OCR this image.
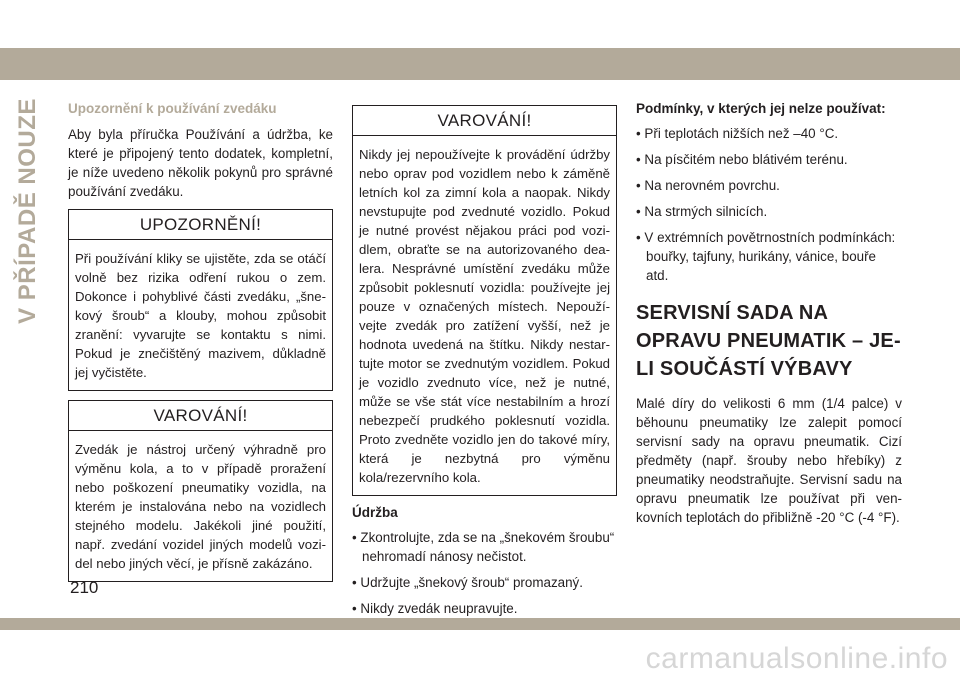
V PŘÍPADĚ NOUZE Upozornění k používání zvedáku

Aby byla příručka Používání a údržba, ke které je připojený tento dodatek, kompletní, je níže uvedeno několik pokynů pro správné používání zvedáku.

UPOZORNĚNÍ!
Při používání kliky se ujistěte, zda se otáčí volně bez rizika odření rukou o zem. Dokonce i pohyblivé části zvedáku, „šne-kový šroub“ a klouby, mohou způsobit zranění: vyvarujte se kontaktu s nimi. Pokud je znečištěný mazivem, důkladně jej vyčistěte.
VAROVÁNÍ!
Zvedák je nástroj určený výhradně pro výměnu kola, a to v případě proražení nebo poškození pneumatiky vozidla, na kterém je instalována nebo na vozidlech stejného modelu. Jakékoli jiné použití, např. zvedání vozidel jiných modelů vozi-del nebo jiných věcí, je přísně zakázáno.
VAROVÁNÍ!
Nikdy jej nepoužívejte k provádění údržby nebo oprav pod vozidlem nebo k záměně letních kol za zimní kola a naopak. Nikdy nevstupujte pod zvednuté vozidlo. Pokud je nutné provést nějakou práci pod vozi-dlem, obraťte se na autorizovaného dea-lera. Nesprávné umístění zvedáku může způsobit poklesnutí vozidla: používejte jej pouze v označených místech. Nepouží-vejte zvedák pro zatížení vyšší, než je hodnota uvedená na štítku. Nikdy nestar-tujte motor se zvednutým vozidlem. Pokud je vozidlo zvednuto více, než je nutné, může se vše stát více nestabilním a hrozí nebezpečí prudkého poklesnutí vozidla. Proto zvedněte vozidlo jen do takové míry, která je nezbytná pro výměnu kola/rezervního kola.
Údržba
• Zkontrolujte, zda se na „šnekovém šroubu“ nehromadí nánosy nečistot.
• Udržujte „šnekový šroub“ promazaný.
• Nikdy zvedák neupravujte.
Podmínky, v kterých jej nelze používat:
• Při teplotách nižších než –40 °C.
• Na písčitém nebo blátivém terénu.
• Na nerovném povrchu.
• Na strmých silnicích.
• V extrémních povětrnostních podmínkách: bouřky, tajfuny, hurikány, vánice, bouře atd.
SERVISNÍ SADA NA OPRAVU PNEUMATIK – JE-LI SOUČÁSTÍ VÝBAVY

Malé díry do velikosti 6 mm (1/4 palce) v běhounu pneumatiky lze zalepit pomocí servisní sady na opravu pneumatik. Cizí předměty (např. šrouby nebo hřebíky) z pneumatiky neodstraňujte. Servisní sadu na opravu pneumatik lze používat při ven-kovních teplotách do přibližně -20 °C (-4 °F).

210
carmanualsonline.info
